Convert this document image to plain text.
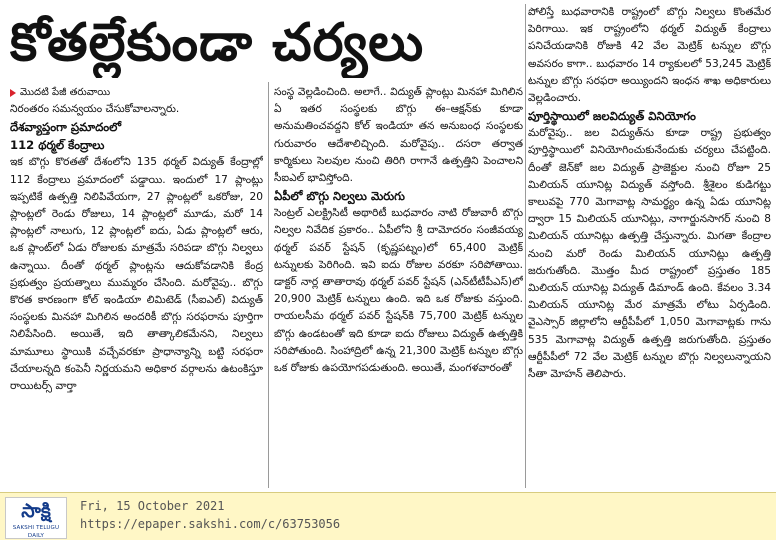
కోతల్లేకుండా చర్యలు
మొదటి పేజీ తరువాయి

నిరంతరం సమన్వయం చేసుకోవాలన్నారు.

దేశవ్యాప్తంగా ప్రమాదంలో
112 థర్మల్‌ కేంద్రాలు

ఇక బొగ్గు కొరతతో దేశంలోని 135 థర్మల్‌ విద్యుత్‌ కేంద్రాల్లో 112 కేంద్రాలు ప్రమాదంలో పడ్డాయి. ఇందులో 17 ప్లాంట్లు ఇప్పటికే ఉత్పత్తి నిలిపివేయగా, 27 ప్లాంట్లలో ఒకరోజు, 20 ప్లాంట్లలో రెండు రోజులు, 14 ప్లాంట్లలో మూడు, మరో 14 ప్లాంట్లలో నాలుగు, 12 ప్లాంట్లలో ఐదు, ఏడు ప్లాంట్లలో ఆరు, ఒక ప్లాంట్‌లో ఏడు రోజులకు మాత్రమే సరిపడా బొగ్గు నిల్వలు ఉన్నాయి. దీంతో థర్మల్‌ ప్లాంట్లను ఆదుకోవడానికి కేంద్ర ప్రభుత్వం ప్రయత్నాలు ముమ్మరం చేసింది. మరోవైపు.. బొగ్గు కొరత కారణంగా కోల్‌ ఇండియా లిమిటెడ్‌ (సీఐఎల్‌) విద్యుత్‌ సంస్థలకు మినహా మిగిలిన అందరికీ బొగ్గు సరఫరాను పూర్తిగా నిలిపేసింది. అయితే, ఇది తాత్కాలికమేనని, నిల్వలు మామూలు స్థాయికి వచ్చేవరకూ ప్రాధాన్యాన్ని బట్టి సరఫరా చేయాలన్నది కంపెనీ నిర్ణయమని అధికార వర్గాలను ఉటంకిస్తూ రాయిటర్స్‌ వార్తా

సంస్థ వెల్లడించింది. అలాగే.. విద్యుత్‌ ప్లాంట్లు మినహా మిగిలిన ఏ ఇతర సంస్థలకు బొగ్గు ఈ–ఆక్షన్‌కు కూడా అనుమతించవద్దని కోల్‌ ఇండియా తన అనుబంధ సంస్థలకు గురువారం ఆదేశాలిచ్చింది. మరోవైపు.. దసరా తర్వాత కార్మికులు సెలవుల నుంచి తిరిగి రాగానే ఉత్పత్తిని పెంచాలని సీఐఎల్‌ భావిస్తోంది.

ఏపీలో బొగ్గు నిల్వలు మెరుగు

సెంట్రల్‌ ఎలక్ట్రిసిటీ అథారిటీ బుధవారం నాటి రోజువారీ బొగ్గు నిల్వల నివేదిక ప్రకారం.. ఏపీలోని శ్రీ దామోదరం సంజీవయ్య థర్మల్‌ పవర్‌ స్టేషన్‌ (కృష్ణపట్నం)లో 65,400 మెట్రిక్‌ టన్నులకు పెరిగింది. ఇవి ఐదు రోజుల వరకూ సరిపోతాయి. డాక్టర్‌ నార్ల తాతారావు థర్మల్‌ పవర్‌ స్టేషన్‌ (ఎన్‌టీటీపీఎస్‌)లో 20,900 మెట్రిక్‌ టన్నులు ఉంది. ఇది ఒక రోజుకు వస్తుంది. రాయలసీమ థర్మల్‌ పవర్‌ స్టేషన్‌కి 75,700 మెట్రిక్‌ టన్నుల బొగ్గు ఉండటంతో ఇది కూడా ఐదు రోజులు విద్యుత్‌ ఉత్పత్తికి సరిపోతుంది. సింహాద్రిలో ఉన్న 21,300 మెట్రిక్‌ టన్నుల బొగ్గు ఒక రోజుకు ఉపయోగపడుతుంది. అయితే, మంగళవారంతో

పోలిస్తే బుధవారానికి రాష్ట్రంలో బొగ్గు నిల్వలు కొంతమేర పెరిగాయి. ఇక రాష్ట్రంలోని థర్మల్‌ విద్యుత్‌ కేంద్రాలు పనిచేయడానికి రోజుకి 42 వేల మెట్రిక్‌ టన్నుల బొగ్గు అవసరం కాగా.. బుధవారం 14 ర్యాకులలో 53,245 మెట్రిక్‌ టన్నుల బొగ్గు సరఫరా అయ్యిందని ఇంధన శాఖ అధికారులు వెల్లడించారు.

పూర్తిస్థాయిలో జలవిద్యుత్‌ వినియోగం

మరోవైపు.. జల విద్యుత్‌ను కూడా రాష్ట్ర ప్రభుత్వం పూర్తిస్థాయిలో వినియోగించుకునేందుకు చర్యలు చేపట్టింది. దీంతో జెన్‌కో జల విద్యుత్‌ ప్రాజెక్టుల నుంచి రోజూ 25 మిలియన్‌ యూనిట్ల విద్యుత్‌ వస్తోంది. శ్రీశైలం కుడిగట్టు కాలువపై 770 మెగావాట్ల సామర్థ్యం ఉన్న ఏడు యూనిట్ల ద్వారా 15 మిలియన్‌ యూనిట్లు, నాగార్జునసాగర్‌ నుంచి 8 మిలియన్‌ యూనిట్లు ఉత్పత్తి చేస్తున్నారు. మిగతా కేంద్రాల నుంచి మరో రెండు మిలియన్‌ యూనిట్లు ఉత్పత్తి జరుగుతోంది. మొత్తం మీద రాష్ట్రంలో ప్రస్తుతం 185 మిలియన్‌ యూనిట్ల విద్యుత్‌ డిమాండ్‌ ఉంది. కేవలం 3.34 మిలియన్‌ యూనిట్ల మేర మాత్రమే లోటు ఏర్పడింది. వైఎస్సార్‌ జిల్లాలోని ఆర్టీపీపీలో 1,050 మెగావాట్లకు గాను 535 మెగావాట్ల విద్యుత్‌ ఉత్పత్తి జరుగుతోంది. ప్రస్తుతం ఆర్టీపీపీలో 72 వేల మెట్రిక్‌ టన్నుల బొగ్గు నిల్వలున్నాయని సీతా మోహన్‌ తెలిపారు.

సాక్షి
SAKSHI TELUGU DAILY
Fri, 15 October 2021
https://epaper.sakshi.com/c/63753056
